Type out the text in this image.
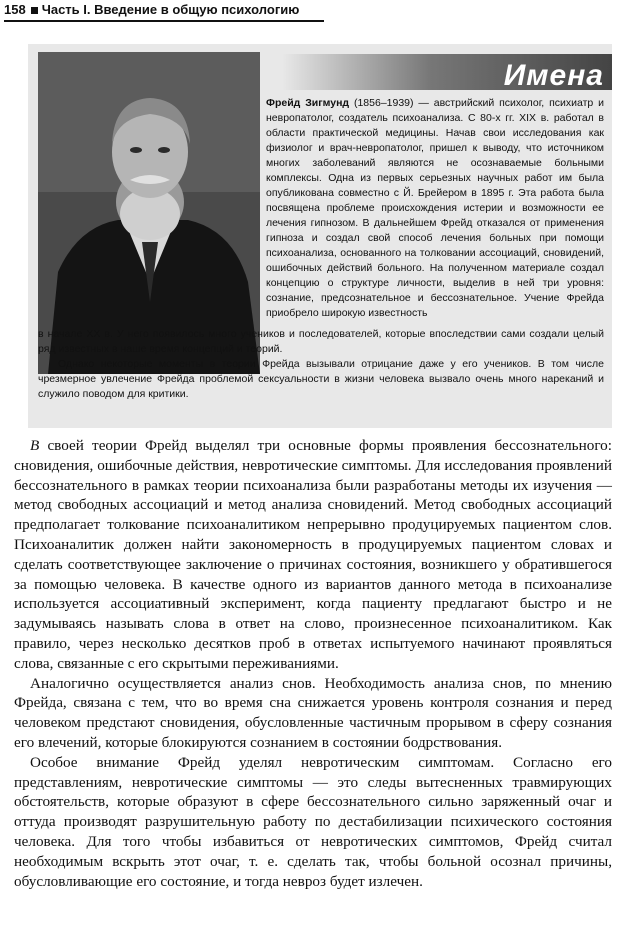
158 Часть I. Введение в общую психологию
Имена
Фрейд Зигмунд (1856–1939) — австрийский психолог, психиатр и невропатолог, создатель психоанализа. С 80-х гг. XIX в. работал в области практической медицины. Начав свои исследования как физиолог и врач-невропатолог, пришел к выводу, что источником многих заболеваний являются не осознаваемые больными комплексы. Одна из первых серьезных научных работ им была опубликована совместно с Й. Брейером в 1895 г. Эта работа была посвящена проблеме происхождения истерии и возможности ее лечения гипнозом. В дальнейшем Фрейд отказался от применения гипноза и создал свой способ лечения больных при помощи психоанализа, основанного на толковании ассоциаций, сновидений, ошибочных действий больного. На полученном материале создал концепцию о структуре личности, выделив в ней три уровня: сознание, предсознательное и бессознательное. Учение Фрейда приобрело широкую известность
в начале XX в. У него появилось много учеников и последователей, которые впоследствии сами создали целый ряд известных в наше время концепций и теорий.
Однако некоторые моменты в теории Фрейда вызывали отрицание даже у его учеников. В том числе чрезмерное увлечение Фрейда проблемой сексуальности в жизни человека вызвало очень много нареканий и служило поводом для критики.

В своей теории Фрейд выделял три основные формы проявления бессознательного: сновидения, ошибочные действия, невротические симптомы. Для исследования проявлений бессознательного в рамках теории психоанализа были разработаны методы их изучения — метод свободных ассоциаций и метод анализа сновидений. Метод свободных ассоциаций предполагает толкование психоаналитиком непрерывно продуцируемых пациентом слов. Психоаналитик должен найти закономерность в продуцируемых пациентом словах и сделать соответствующее заключение о причинах состояния, возникшего у обратившегося за помощью человека. В качестве одного из вариантов данного метода в психоанализе используется ассоциативный эксперимент, когда пациенту предлагают быстро и не задумываясь называть слова в ответ на слово, произнесенное психоаналитиком. Как правило, через несколько десятков проб в ответах испытуемого начинают проявляться слова, связанные с его скрытыми переживаниями.

Аналогично осуществляется анализ снов. Необходимость анализа снов, по мнению Фрейда, связана с тем, что во время сна снижается уровень контроля сознания и перед человеком предстают сновидения, обусловленные частичным прорывом в сферу сознания его влечений, которые блокируются сознанием в состоянии бодрствования.

Особое внимание Фрейд уделял невротическим симптомам. Согласно его представлениям, невротические симптомы — это следы вытесненных травмирующих обстоятельств, которые образуют в сфере бессознательного сильно заряженный очаг и оттуда производят разрушительную работу по дестабилизации психического состояния человека. Для того чтобы избавиться от невротических симптомов, Фрейд считал необходимым вскрыть этот очаг, т. е. сделать так, чтобы больной осознал причины, обусловливающие его состояние, и тогда невроз будет излечен.
